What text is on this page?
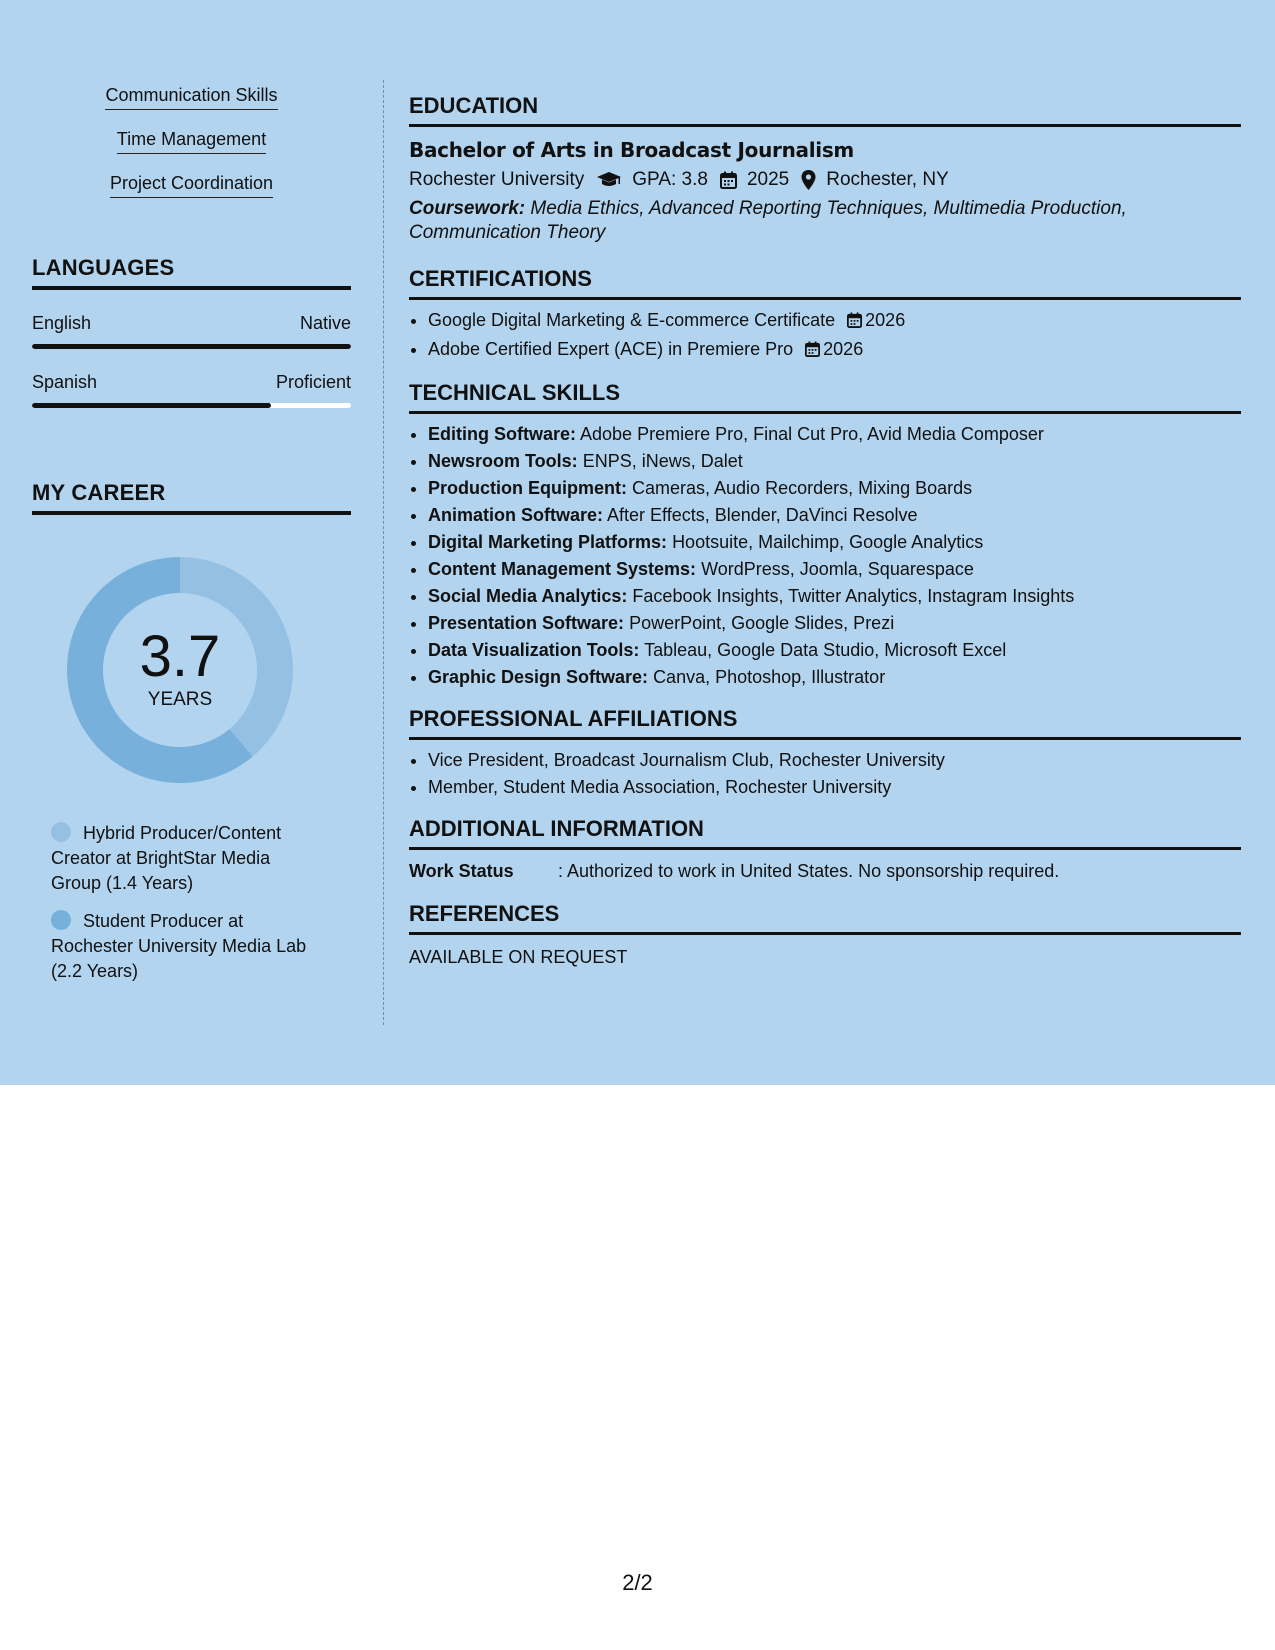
Communication Skills
Time Management
Project Coordination
LANGUAGES
English	Native
Spanish	Proficient
MY CAREER
3.7
YEARS
Hybrid Producer/Content Creator at BrightStar Media Group (1.4 Years)
Student Producer at Rochester University Media Lab (2.2 Years)
EDUCATION
Bachelor of Arts in Broadcast Journalism
Rochester University	GPA: 3.8 2025 Rochester, NY
Coursework: Media Ethics, Advanced Reporting Techniques, Multimedia Production, Communication Theory
CERTIFICATIONS
• Google Digital Marketing & E-commerce Certificate 2026
• Adobe Certified Expert (ACE) in Premiere Pro 2026
TECHNICAL SKILLS
• Editing Software: Adobe Premiere Pro, Final Cut Pro, Avid Media Composer
• Newsroom Tools: ENPS, iNews, Dalet
• Production Equipment: Cameras, Audio Recorders, Mixing Boards
• Animation Software: After Effects, Blender, DaVinci Resolve
• Digital Marketing Platforms: Hootsuite, Mailchimp, Google Analytics
• Content Management Systems: WordPress, Joomla, Squarespace
• Social Media Analytics: Facebook Insights, Twitter Analytics, Instagram Insights
• Presentation Software: PowerPoint, Google Slides, Prezi
• Data Visualization Tools: Tableau, Google Data Studio, Microsoft Excel
• Graphic Design Software: Canva, Photoshop, Illustrator
PROFESSIONAL AFFILIATIONS
• Vice President, Broadcast Journalism Club, Rochester University
• Member, Student Media Association, Rochester University
ADDITIONAL INFORMATION
Work Status	: Authorized to work in United States. No sponsorship required.
REFERENCES
AVAILABLE ON REQUEST
2/2
